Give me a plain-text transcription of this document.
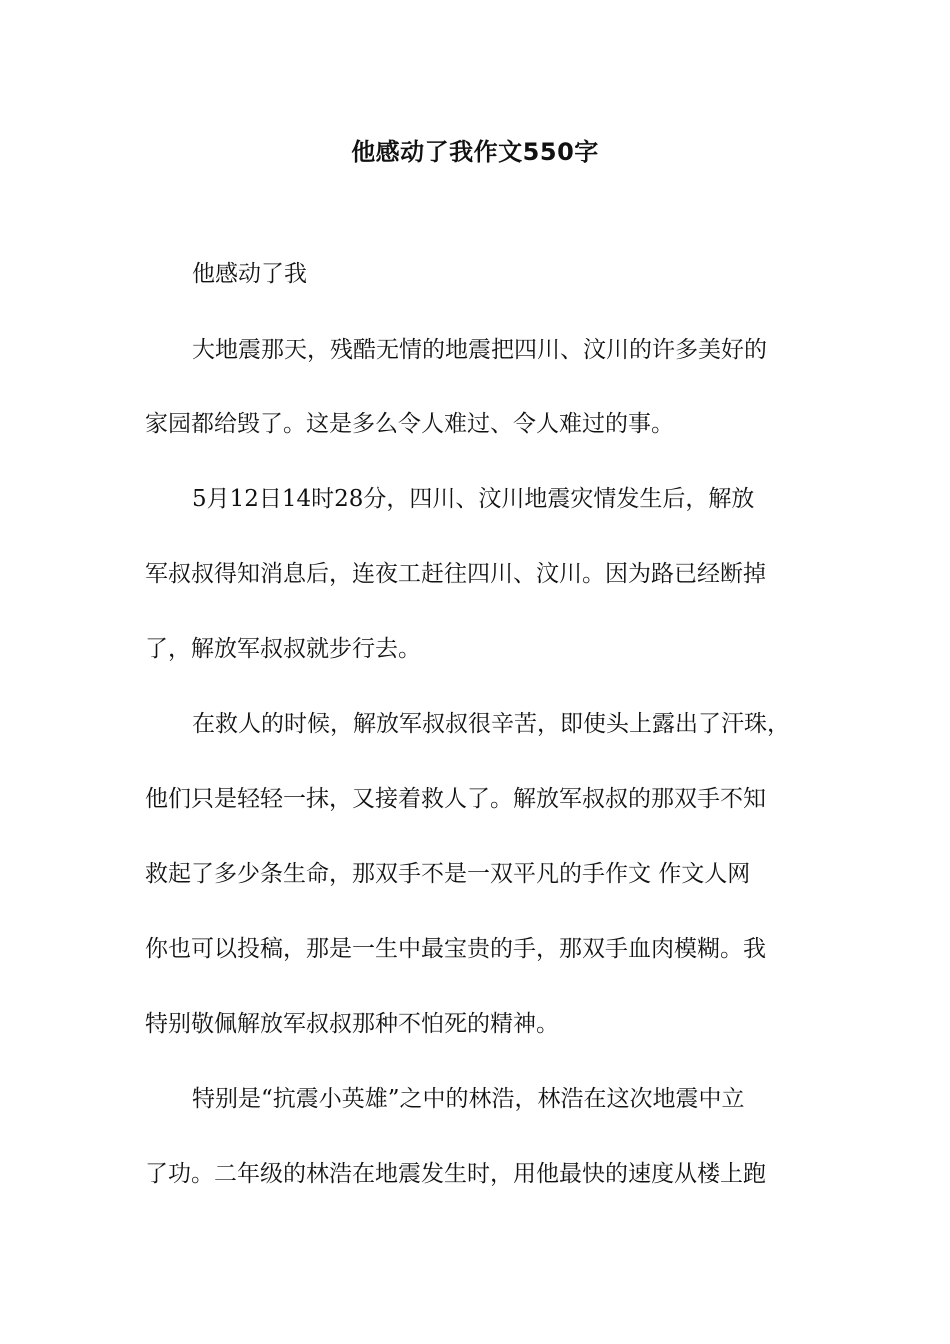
他感动了我作文550字

他感动了我

大地震那天，残酷无情的地震把四川、汶川的许多美好的

家园都给毁了。这是多么令人难过、令人难过的事。

5月12日14时28分，四川、汶川地震灾情发生后，解放

军叔叔得知消息后，连夜工赶往四川、汶川。因为路已经断掉

了，解放军叔叔就步行去。

在救人的时候，解放军叔叔很辛苦，即使头上露出了汗珠，

他们只是轻轻一抹，又接着救人了。解放军叔叔的那双手不知

救起了多少条生命，那双手不是一双平凡的手作文 作文人网

你也可以投稿，那是一生中最宝贵的手，那双手血肉模糊。我

特别敬佩解放军叔叔那种不怕死的精神。

特别是“抗震小英雄”之中的林浩，林浩在这次地震中立

了功。二年级的林浩在地震发生时，用他最快的速度从楼上跑
